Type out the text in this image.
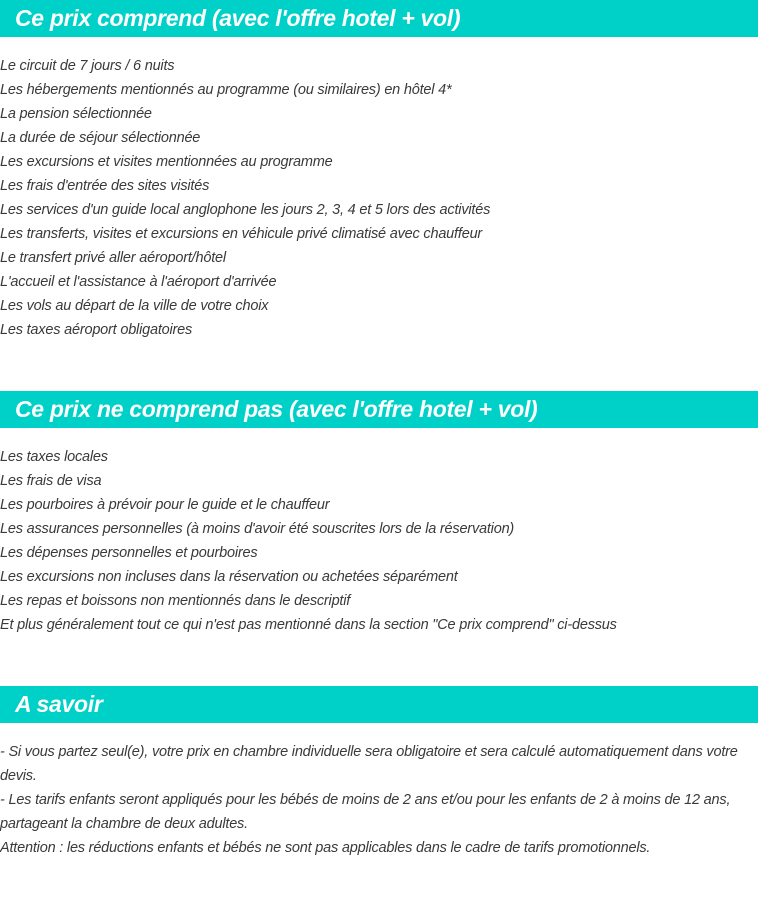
Ce prix comprend (avec l'offre hotel + vol)
Le circuit de 7 jours / 6 nuits
Les hébergements mentionnés au programme (ou similaires) en hôtel 4*
La pension sélectionnée
La durée de séjour sélectionnée
Les excursions et visites mentionnées au programme
Les frais d'entrée des sites visités
Les services d'un guide local anglophone les jours 2, 3, 4 et 5 lors des activités
Les transferts, visites et excursions en véhicule privé climatisé avec chauffeur
Le transfert privé aller aéroport/hôtel
L'accueil et l'assistance à l'aéroport d'arrivée
Les vols au départ de la ville de votre choix
Les taxes aéroport obligatoires
Ce prix ne comprend pas (avec l'offre hotel + vol)
Les taxes locales
Les frais de visa
Les pourboires à prévoir pour le guide et le chauffeur
Les assurances personnelles (à moins d'avoir été souscrites lors de la réservation)
Les dépenses personnelles et pourboires
Les excursions non incluses dans la réservation ou achetées séparément
Les repas et boissons non mentionnés dans le descriptif
Et plus généralement tout ce qui n'est pas mentionné dans la section "Ce prix comprend" ci-dessus
A savoir

- Si vous partez seul(e), votre prix en chambre individuelle sera obligatoire et sera calculé automatiquement dans votre devis.

- Les tarifs enfants seront appliqués pour les bébés de moins de 2 ans et/ou pour les enfants de 2 à moins de 12 ans, partageant la chambre de deux adultes.

Attention : les réductions enfants et bébés ne sont pas applicables dans le cadre de tarifs promotionnels.
